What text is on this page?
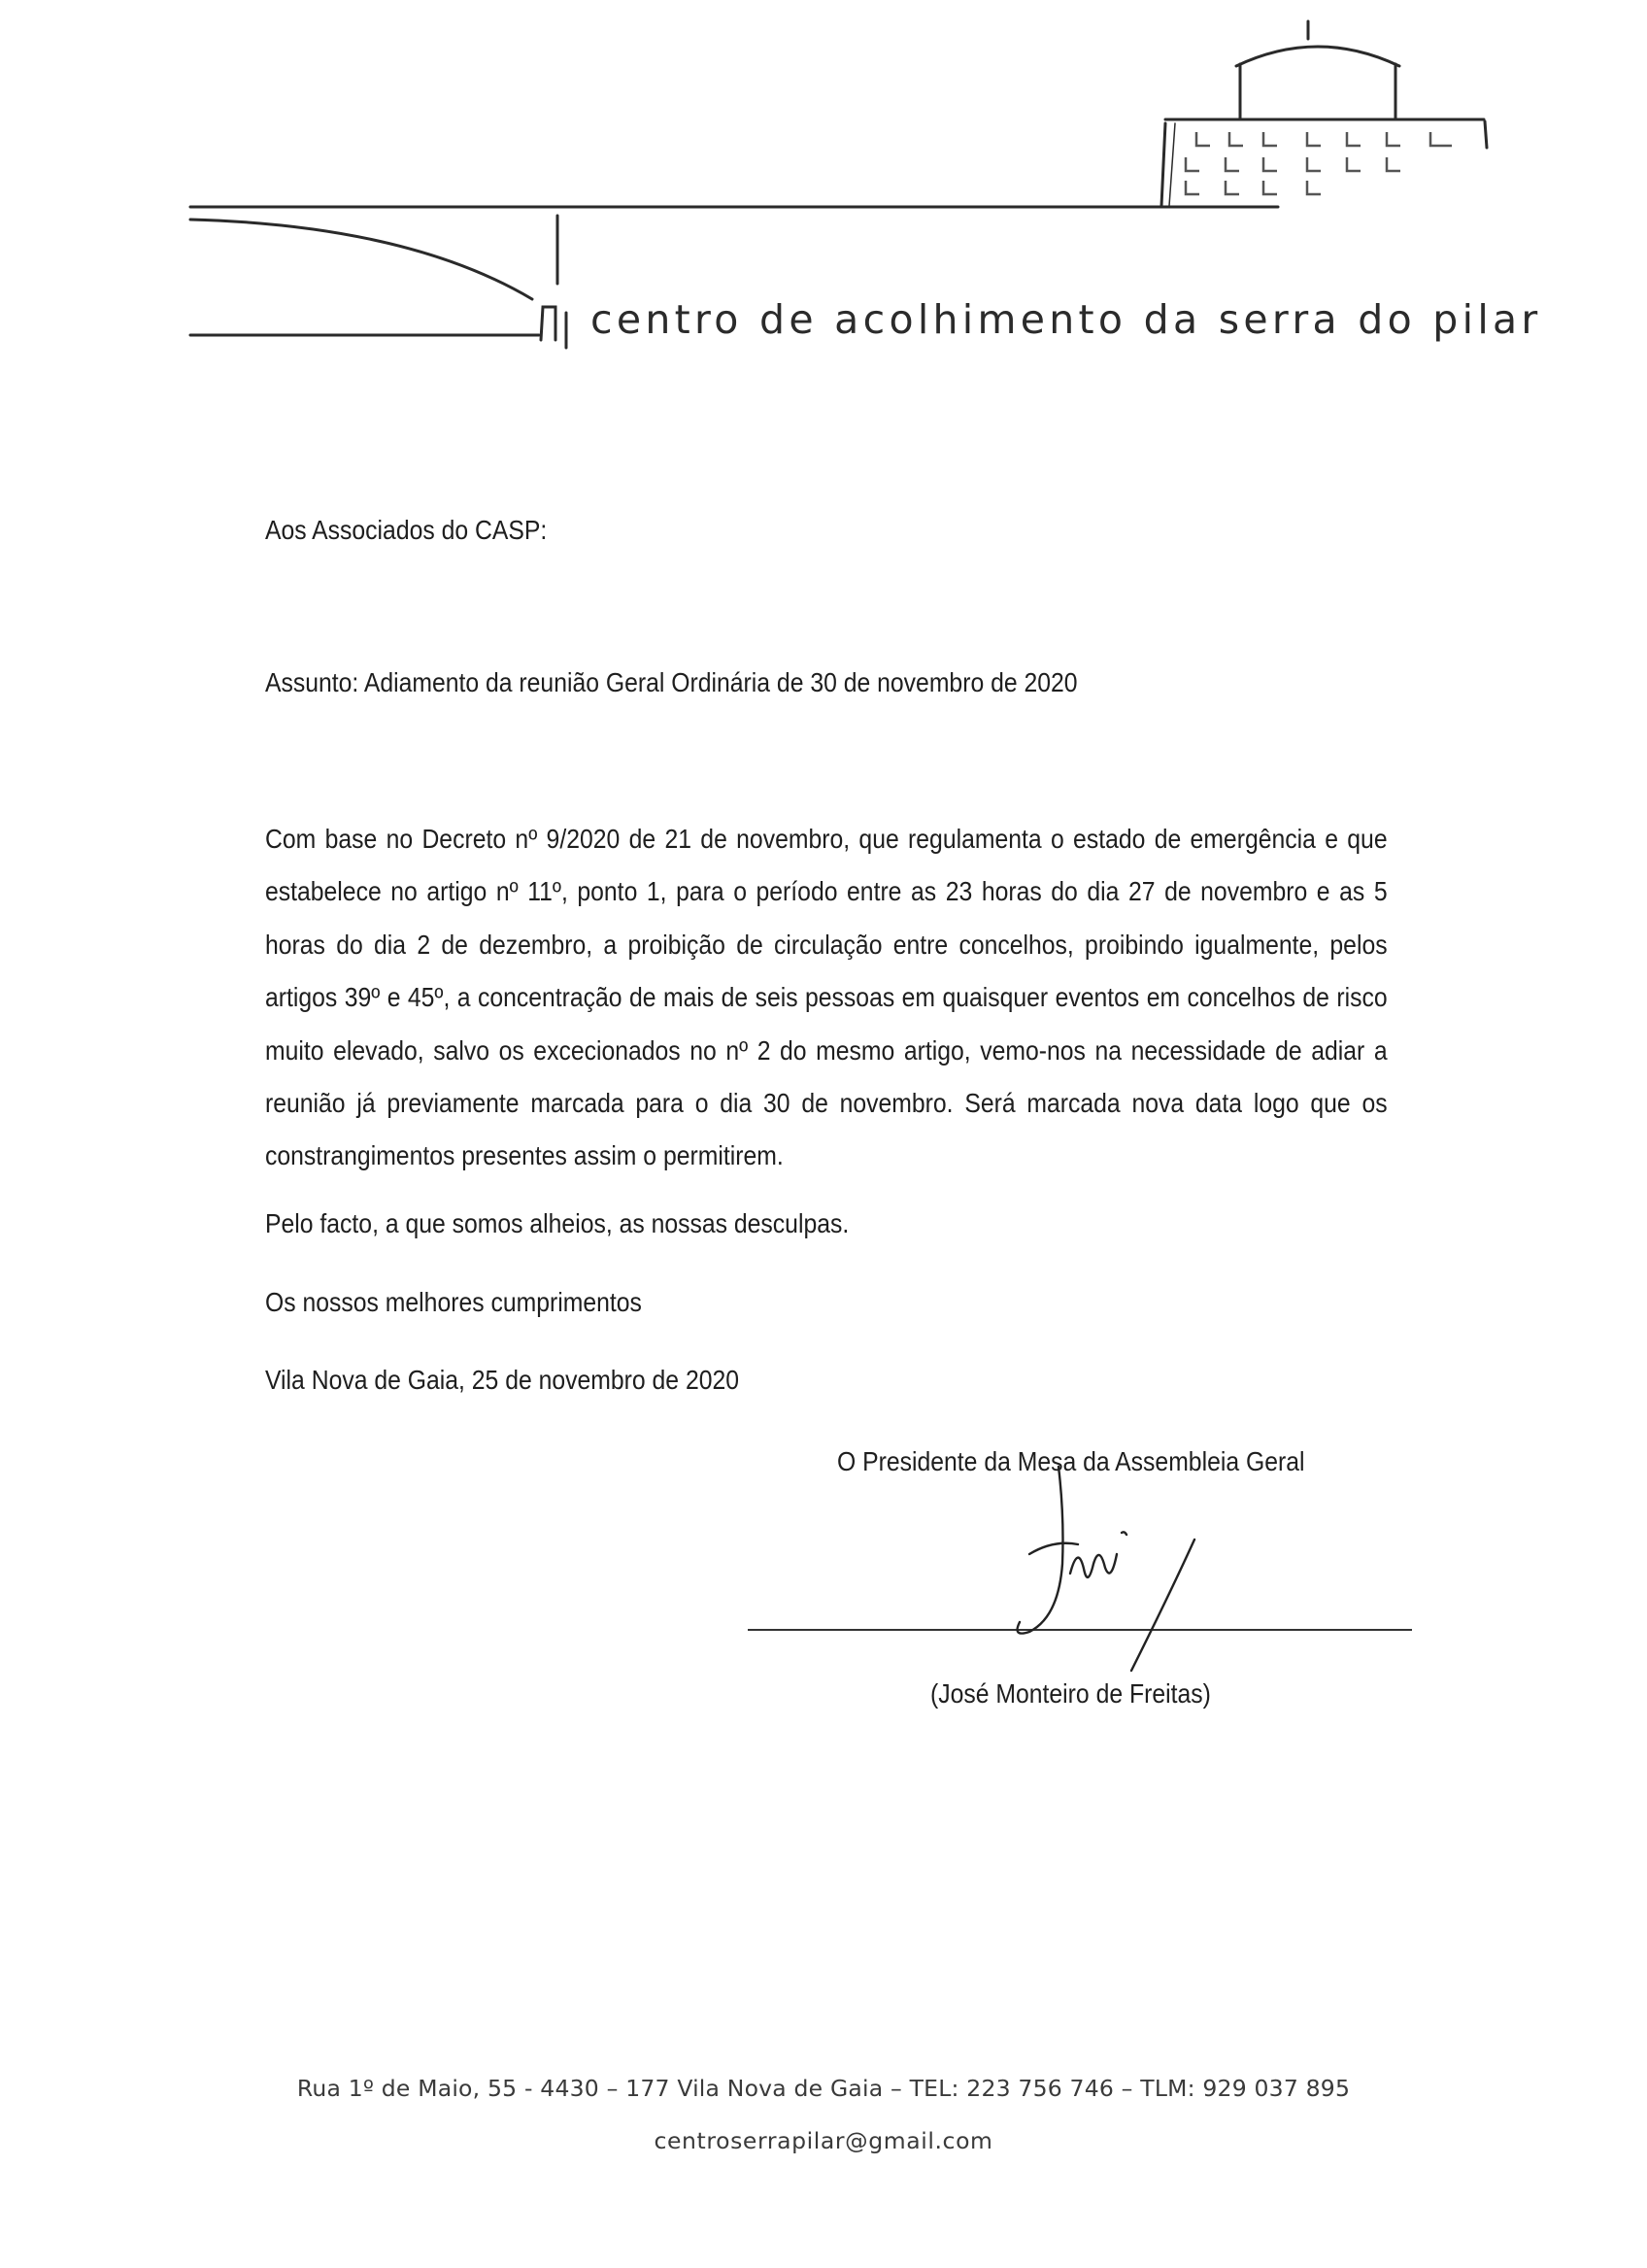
centro de acolhimento da serra do pilar
Aos Associados do CASP:
Assunto: Adiamento da reunião Geral Ordinária de 30 de novembro de 2020
Com base no Decreto nº 9/2020 de 21 de novembro, que regulamenta o estado de emergência e que estabelece no artigo nº 11º, ponto 1, para o período entre as 23 horas do dia 27 de novembro e as 5 horas do dia 2 de dezembro, a proibição de circulação entre concelhos, proibindo igualmente, pelos artigos 39º e 45º, a concentração de mais de seis pessoas em quaisquer eventos em concelhos de risco muito elevado, salvo os excecionados no nº 2 do mesmo artigo, vemo-nos na necessidade de adiar a reunião já previamente marcada para o dia 30 de novembro. Será marcada nova data logo que os constrangimentos presentes assim o permitirem.
Pelo facto, a que somos alheios, as nossas desculpas.
Os nossos melhores cumprimentos
Vila Nova de Gaia, 25 de novembro de 2020
O Presidente da Mesa da Assembleia Geral
(José Monteiro de Freitas)
Rua 1º de Maio, 55 - 4430 – 177 Vila Nova de Gaia – TEL: 223 756 746 – TLM: 929 037 895
centroserrapilar@gmail.com
